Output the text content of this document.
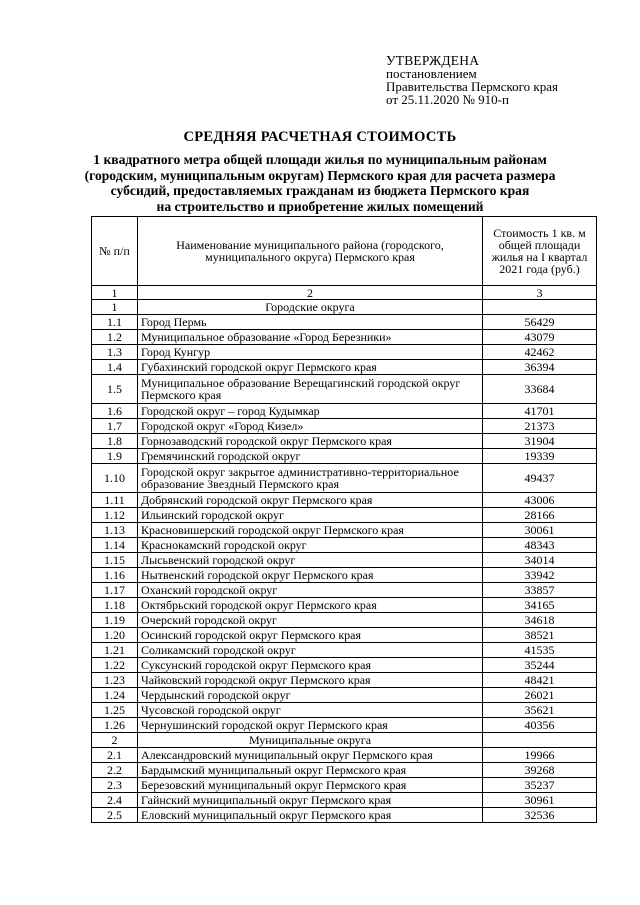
УТВЕРЖДЕНА
постановлением
Правительства Пермского края
от 25.11.2020 № 910-п
СРЕДНЯЯ РАСЧЕТНАЯ СТОИМОСТЬ
1 квадратного метра общей площади жилья по муниципальным районам
(городским, муниципальным округам) Пермского края для расчета размера
субсидий, предоставляемых гражданам из бюджета Пермского края
на строительство и приобретение жилых помещений
№ п/п	Наименование муниципального района (городского, муниципального округа) Пермского края	Стоимость 1 кв. м общей площади жилья на I квартал 2021 года (руб.)
1	2	3
1	Городские округа	
1.1	Город Пермь	56429
1.2	Муниципальное образование «Город Березники»	43079
1.3	Город Кунгур	42462
1.4	Губахинский городской округ Пермского края	36394
1.5	Муниципальное образование Верещагинский городской округ Пермского края	33684
1.6	Городской округ – город Кудымкар	41701
1.7	Городской округ «Город Кизел»	21373
1.8	Горнозаводский городской округ Пермского края	31904
1.9	Гремячинский городской округ	19339
1.10	Городской округ закрытое административно-территориальное образование Звездный Пермского края	49437
1.11	Добрянский городской округ Пермского края	43006
1.12	Ильинский городской округ	28166
1.13	Красновишерский городской округ Пермского края	30061
1.14	Краснокамский городской округ	48343
1.15	Лысьвенский городской округ	34014
1.16	Нытвенский городской округ Пермского края	33942
1.17	Оханский городской округ	33857
1.18	Октябрьский городской округ Пермского края	34165
1.19	Очерский городской округ	34618
1.20	Осинский городской округ Пермского края	38521
1.21	Соликамский городской округ	41535
1.22	Суксунский городской округ Пермского края	35244
1.23	Чайковский городской округ Пермского края	48421
1.24	Чердынский городской округ	26021
1.25	Чусовской городской округ	35621
1.26	Чернушинский городской округ Пермского края	40356
2	Муниципальные округа	
2.1	Александровский муниципальный округ Пермского края	19966
2.2	Бардымский муниципальный округ Пермского края	39268
2.3	Березовский муниципальный округ Пермского края	35237
2.4	Гайнский муниципальный округ Пермского края	30961
2.5	Еловский муниципальный округ Пермского края	32536
